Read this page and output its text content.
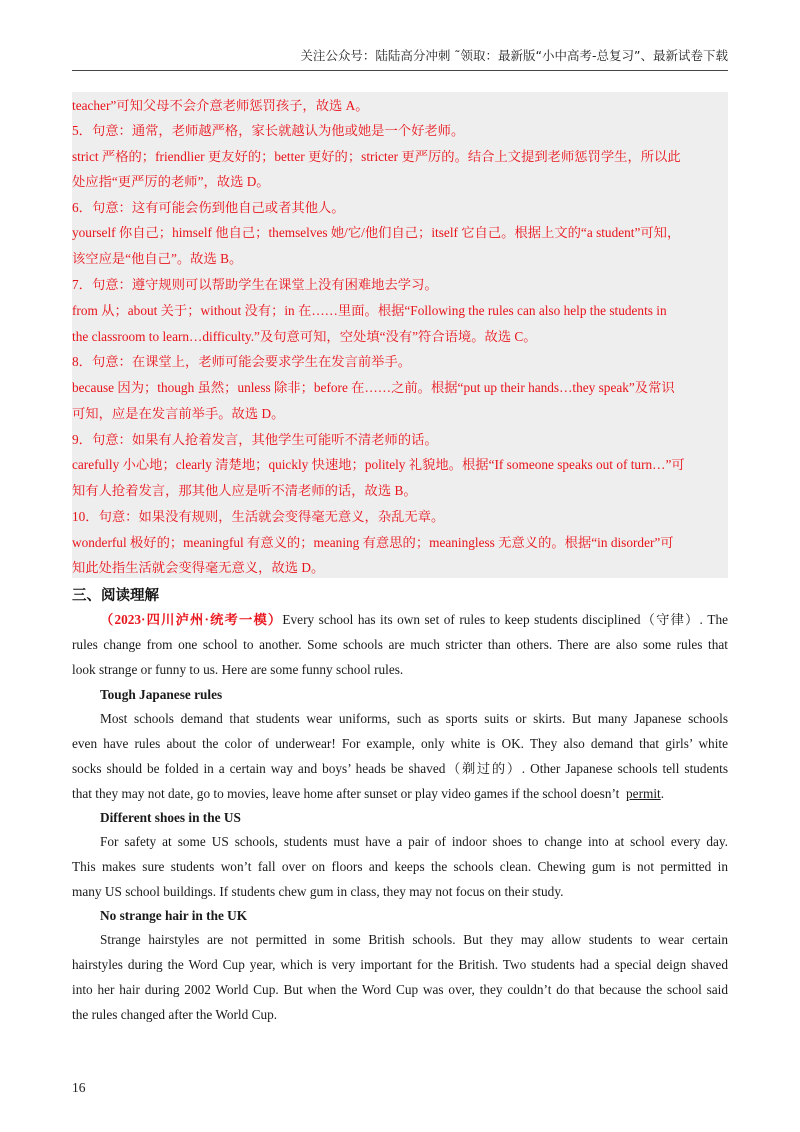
关注公众号：陆陆高分冲刺 ˜领取：最新版“小中高考-总复习”、最新试卷下载
teacher”可知父母不会介意老师惩罚孩子，故选 A。
5．句意：通常，老师越严格，家长就越认为他或她是一个好老师。
strict 严格的；friendlier 更友好的；better 更好的；stricter 更严厉的。结合上文提到老师惩罚学生，所以此
处应指“更严厉的老师”，故选 D。
6．句意：这有可能会伤到他自己或者其他人。
yourself 你自己；himself 他自己；themselves 她/它/他们自己；itself 它自己。根据上文的“a student”可知，
该空应是“他自己”。故选 B。
7．句意：遵守规则可以帮助学生在课堂上没有困难地去学习。
from 从；about 关于；without 没有；in 在……里面。根据“Following the rules can also help the students in
the classroom to learn…difficulty.”及句意可知，空处填“没有”符合语境。故选 C。
8．句意：在课堂上，老师可能会要求学生在发言前举手。
because 因为；though 虽然；unless 除非；before 在……之前。根据“put up their hands…they speak”及常识
可知，应是在发言前举手。故选 D。
9．句意：如果有人抢着发言，其他学生可能听不清老师的话。
carefully 小心地；clearly 清楚地；quickly 快速地；politely 礼貌地。根据“If someone speaks out of turn…”可
知有人抢着发言，那其他人应是听不清老师的话，故选 B。
10．句意：如果没有规则，生活就会变得毫无意义，杂乱无章。
wonderful 极好的；meaningful 有意义的；meaning 有意思的；meaningless 无意义的。根据“in disorder”可
知此处指生活就会变得毫无意义，故选 D。
三、阅读理解
（2023·四川泸州·统考一模）Every school has its own set of rules to keep students disciplined（守律）. The
rules change from one school to another. Some schools are much stricter than others. There are also some rules that
look strange or funny to us. Here are some funny school rules.
Tough Japanese rules
Most schools demand that students wear uniforms, such as sports suits or skirts. But many Japanese schools
even have rules about the color of underwear! For example, only white is OK. They also demand that girls’ white
socks should be folded in a certain way and boys’ heads be shaved（剃过的）. Other Japanese schools tell students
that they may not date, go to movies, leave home after sunset or play video games if the school doesn’t permit.
Different shoes in the US
For safety at some US schools, students must have a pair of indoor shoes to change into at school every day.
This makes sure students won’t fall over on floors and keeps the schools clean. Chewing gum is not permitted in
many US school buildings. If students chew gum in class, they may not focus on their study.
No strange hair in the UK
Strange hairstyles are not permitted in some British schools. But they may allow students to wear certain
hairstyles during the Word Cup year, which is very important for the British. Two students had a special deign shaved
into her hair during 2002 World Cup. But when the Word Cup was over, they couldn’t do that because the school said
the rules changed after the World Cup.
16
